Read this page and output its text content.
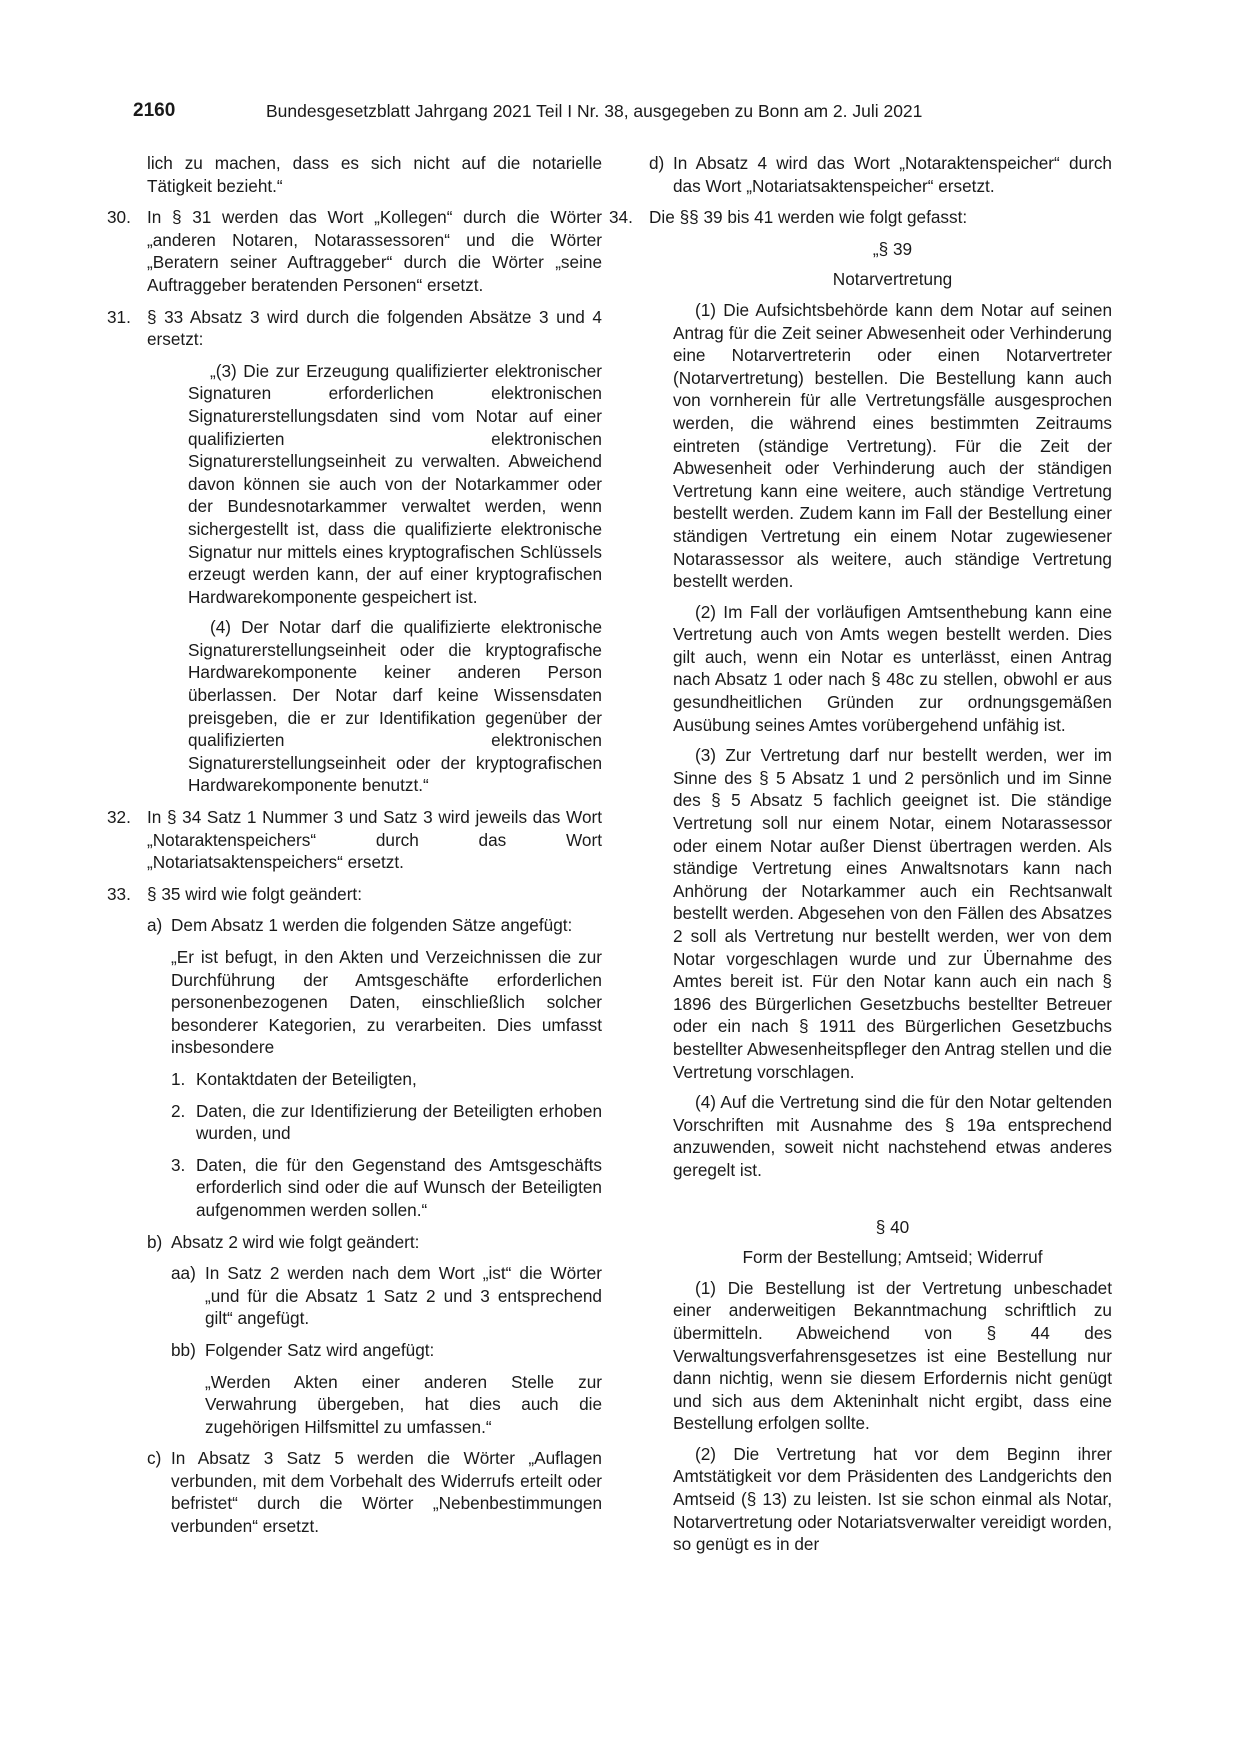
2160	Bundesgesetzblatt Jahrgang 2021 Teil I Nr. 38, ausgegeben zu Bonn am 2. Juli 2021

lich zu machen, dass es sich nicht auf die notarielle Tätigkeit bezieht.“

30. In § 31 werden das Wort „Kollegen“ durch die Wörter „anderen Notaren, Notarassessoren“ und die Wörter „Beratern seiner Auftraggeber“ durch die Wörter „seine Auftraggeber beratenden Personen“ ersetzt.

31. § 33 Absatz 3 wird durch die folgenden Absätze 3 und 4 ersetzt:

„(3) Die zur Erzeugung qualifizierter elektronischer Signaturen erforderlichen elektronischen Signaturerstellungsdaten sind vom Notar auf einer qualifizierten elektronischen Signaturerstellungseinheit zu verwalten. Abweichend davon können sie auch von der Notarkammer oder der Bundesnotarkammer verwaltet werden, wenn sichergestellt ist, dass die qualifizierte elektronische Signatur nur mittels eines kryptografischen Schlüssels erzeugt werden kann, der auf einer kryptografischen Hardwarekomponente gespeichert ist.

(4) Der Notar darf die qualifizierte elektronische Signaturerstellungseinheit oder die kryptografische Hardwarekomponente keiner anderen Person überlassen. Der Notar darf keine Wissensdaten preisgeben, die er zur Identifikation gegenüber der qualifizierten elektronischen Signaturerstellungseinheit oder der kryptografischen Hardwarekomponente benutzt.“

32. In § 34 Satz 1 Nummer 3 und Satz 3 wird jeweils das Wort „Notaraktenspeichers“ durch das Wort „Notariatsaktenspeichers“ ersetzt.

33. § 35 wird wie folgt geändert:

a) Dem Absatz 1 werden die folgenden Sätze angefügt:

„Er ist befugt, in den Akten und Verzeichnissen die zur Durchführung der Amtsgeschäfte erforderlichen personenbezogenen Daten, einschließlich solcher besonderer Kategorien, zu verarbeiten. Dies umfasst insbesondere

1. Kontaktdaten der Beteiligten,

2. Daten, die zur Identifizierung der Beteiligten erhoben wurden, und

3. Daten, die für den Gegenstand des Amtsgeschäfts erforderlich sind oder die auf Wunsch der Beteiligten aufgenommen werden sollen.“

b) Absatz 2 wird wie folgt geändert:

aa) In Satz 2 werden nach dem Wort „ist“ die Wörter „und für die Absatz 1 Satz 2 und 3 entsprechend gilt“ angefügt.

bb) Folgender Satz wird angefügt:

„Werden Akten einer anderen Stelle zur Verwahrung übergeben, hat dies auch die zugehörigen Hilfsmittel zu umfassen.“

c) In Absatz 3 Satz 5 werden die Wörter „Auflagen verbunden, mit dem Vorbehalt des Widerrufs erteilt oder befristet“ durch die Wörter „Nebenbestimmungen verbunden“ ersetzt.

d) In Absatz 4 wird das Wort „Notaraktenspeicher“ durch das Wort „Notariatsaktenspeicher“ ersetzt.

34. Die §§ 39 bis 41 werden wie folgt gefasst:

„§ 39

Notarvertretung

(1) Die Aufsichtsbehörde kann dem Notar auf seinen Antrag für die Zeit seiner Abwesenheit oder Verhinderung eine Notarvertreterin oder einen Notarvertreter (Notarvertretung) bestellen. Die Bestellung kann auch von vornherein für alle Vertretungsfälle ausgesprochen werden, die während eines bestimmten Zeitraums eintreten (ständige Vertretung). Für die Zeit der Abwesenheit oder Verhinderung auch der ständigen Vertretung kann eine weitere, auch ständige Vertretung bestellt werden. Zudem kann im Fall der Bestellung einer ständigen Vertretung ein einem Notar zugewiesener Notarassessor als weitere, auch ständige Vertretung bestellt werden.

(2) Im Fall der vorläufigen Amtsenthebung kann eine Vertretung auch von Amts wegen bestellt werden. Dies gilt auch, wenn ein Notar es unterlässt, einen Antrag nach Absatz 1 oder nach § 48c zu stellen, obwohl er aus gesundheitlichen Gründen zur ordnungsgemäßen Ausübung seines Amtes vorübergehend unfähig ist.

(3) Zur Vertretung darf nur bestellt werden, wer im Sinne des § 5 Absatz 1 und 2 persönlich und im Sinne des § 5 Absatz 5 fachlich geeignet ist. Die ständige Vertretung soll nur einem Notar, einem Notarassessor oder einem Notar außer Dienst übertragen werden. Als ständige Vertretung eines Anwaltsnotars kann nach Anhörung der Notarkammer auch ein Rechtsanwalt bestellt werden. Abgesehen von den Fällen des Absatzes 2 soll als Vertretung nur bestellt werden, wer von dem Notar vorgeschlagen wurde und zur Übernahme des Amtes bereit ist. Für den Notar kann auch ein nach § 1896 des Bürgerlichen Gesetzbuchs bestellter Betreuer oder ein nach § 1911 des Bürgerlichen Gesetzbuchs bestellter Abwesenheitspfleger den Antrag stellen und die Vertretung vorschlagen.

(4) Auf die Vertretung sind die für den Notar geltenden Vorschriften mit Ausnahme des § 19a entsprechend anzuwenden, soweit nicht nachstehend etwas anderes geregelt ist.

§ 40

Form der Bestellung; Amtseid; Widerruf

(1) Die Bestellung ist der Vertretung unbeschadet einer anderweitigen Bekanntmachung schriftlich zu übermitteln. Abweichend von § 44 des Verwaltungsverfahrensgesetzes ist eine Bestellung nur dann nichtig, wenn sie diesem Erfordernis nicht genügt und sich aus dem Akteninhalt nicht ergibt, dass eine Bestellung erfolgen sollte.

(2) Die Vertretung hat vor dem Beginn ihrer Amtstätigkeit vor dem Präsidenten des Landgerichts den Amtseid (§ 13) zu leisten. Ist sie schon einmal als Notar, Notarvertretung oder Notariatsverwalter vereidigt worden, so genügt es in der
